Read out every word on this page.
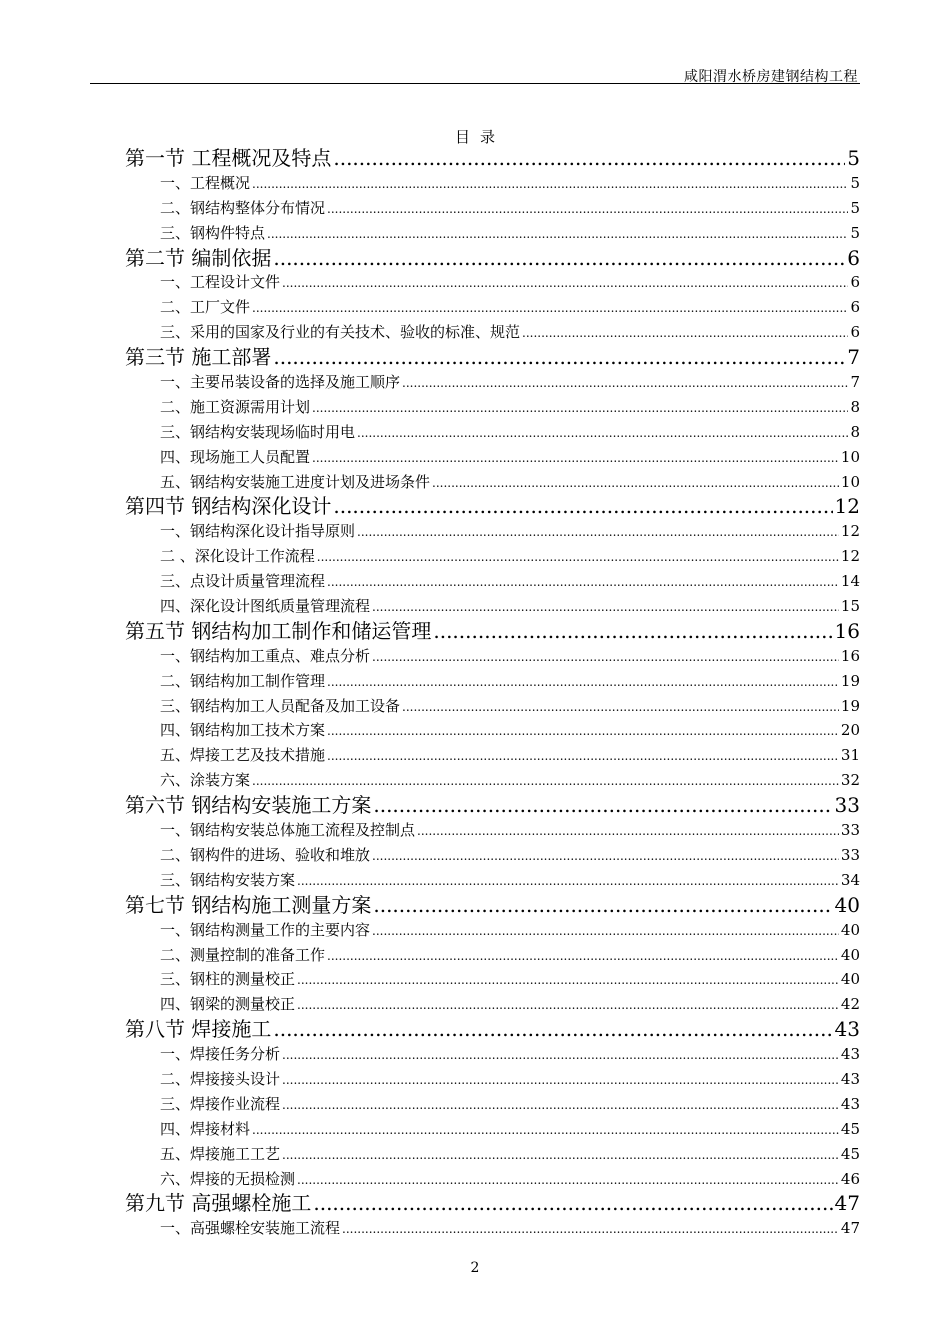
咸阳渭水桥房建钢结构工程
目录
第一节 工程概况及特点 .....	5
一、工程概况 .....	5
二、钢结构整体分布情况 .....	5
三、钢构件特点 .....	5
第二节 编制依据 .....	6
一、工程设计文件 .....	6
二、工厂文件 .....	6
三、采用的国家及行业的有关技术、验收的标准、规范 .....	6
第三节 施工部署 .....	7
一、主要吊装设备的选择及施工顺序 .....	7
二、施工资源需用计划 .....	8
三、钢结构安装现场临时用电 .....	8
四、现场施工人员配置 .....	10
五、钢结构安装施工进度计划及进场条件 .....	10
第四节 钢结构深化设计 .....	12
一、钢结构深化设计指导原则 .....	12
二 、深化设计工作流程 .....	12
三、点设计质量管理流程 .....	14
四、深化设计图纸质量管理流程 .....	15
第五节 钢结构加工制作和储运管理 .....	16
一、钢结构加工重点、难点分析 .....	16
二、钢结构加工制作管理 .....	19
三、钢结构加工人员配备及加工设备 .....	19
四、钢结构加工技术方案 .....	20
五、焊接工艺及技术措施 .....	31
六、涂装方案 .....	32
第六节 钢结构安装施工方案 .....	33
一、钢结构安装总体施工流程及控制点 .....	33
二、钢构件的进场、验收和堆放 .....	33
三、钢结构安装方案 .....	34
第七节 钢结构施工测量方案 .....	40
一、钢结构测量工作的主要内容 .....	40
二、测量控制的准备工作 .....	40
三、钢柱的测量校正 .....	40
四、钢梁的测量校正 .....	42
第八节 焊接施工 .....	43
一、焊接任务分析 .....	43
二、焊接接头设计 .....	43
三、焊接作业流程 .....	43
四、焊接材料 .....	45
五、焊接施工工艺 .....	45
六、焊接的无损检测 .....	46
第九节 高强螺栓施工 .....	47
一、高强螺栓安装施工流程 .....	47
2
